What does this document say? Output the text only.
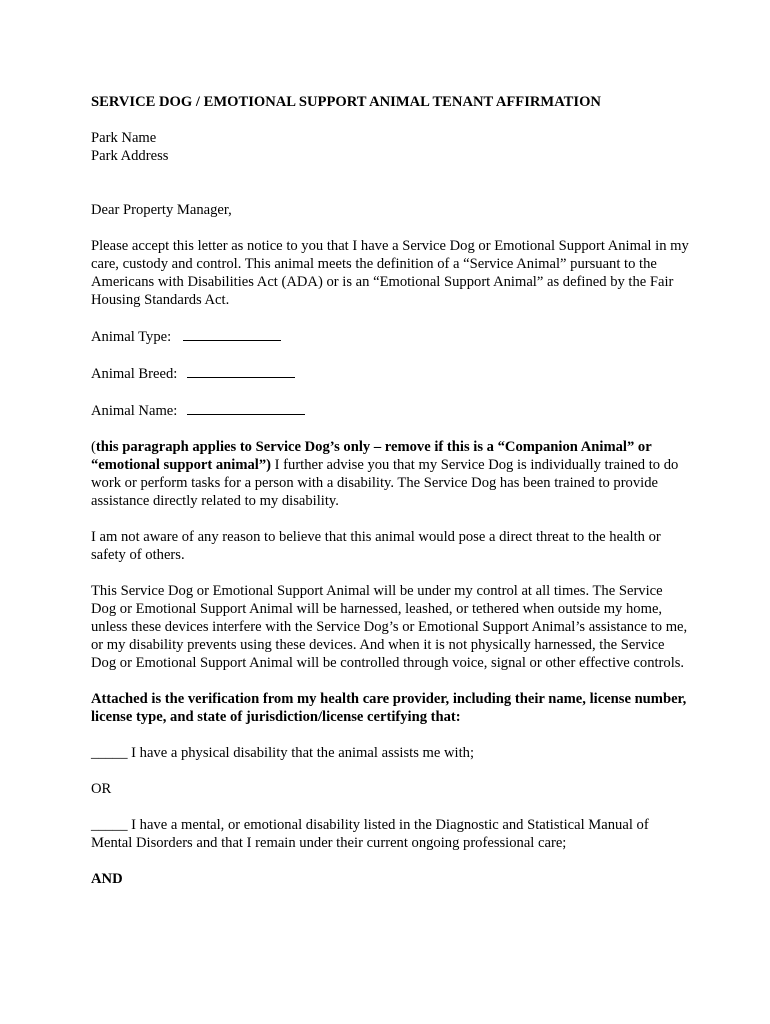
SERVICE DOG / EMOTIONAL SUPPORT ANIMAL TENANT AFFIRMATION

Park Name

Park Address

Dear Property Manager,

Please accept this letter as notice to you that I have a Service Dog or Emotional Support Animal in my care, custody and control. This animal meets the definition of a “Service Animal” pursuant to the Americans with Disabilities Act (ADA) or is an “Emotional Support Animal” as defined by the Fair Housing Standards Act.

Animal Type:

Animal Breed:

Animal Name:

(this paragraph applies to Service Dog’s only – remove if this is a “Companion Animal” or “emotional support animal”) I further advise you that my Service Dog is individually trained to do work or perform tasks for a person with a disability. The Service Dog has been trained to provide assistance directly related to my disability.

I am not aware of any reason to believe that this animal would pose a direct threat to the health or safety of others.

This Service Dog or Emotional Support Animal will be under my control at all times. The Service Dog or Emotional Support Animal will be harnessed, leashed, or tethered when outside my home, unless these devices interfere with the Service Dog’s or Emotional Support Animal’s assistance to me, or my disability prevents using these devices. And when it is not physically harnessed, the Service Dog or Emotional Support Animal will be controlled through voice, signal or other effective controls.

Attached is the verification from my health care provider, including their name, license number, license type, and state of jurisdiction/license certifying that:

_____ I have a physical disability that the animal assists me with;

OR

_____ I have a mental, or emotional disability listed in the Diagnostic and Statistical Manual of Mental Disorders and that I remain under their current ongoing professional care;

AND
